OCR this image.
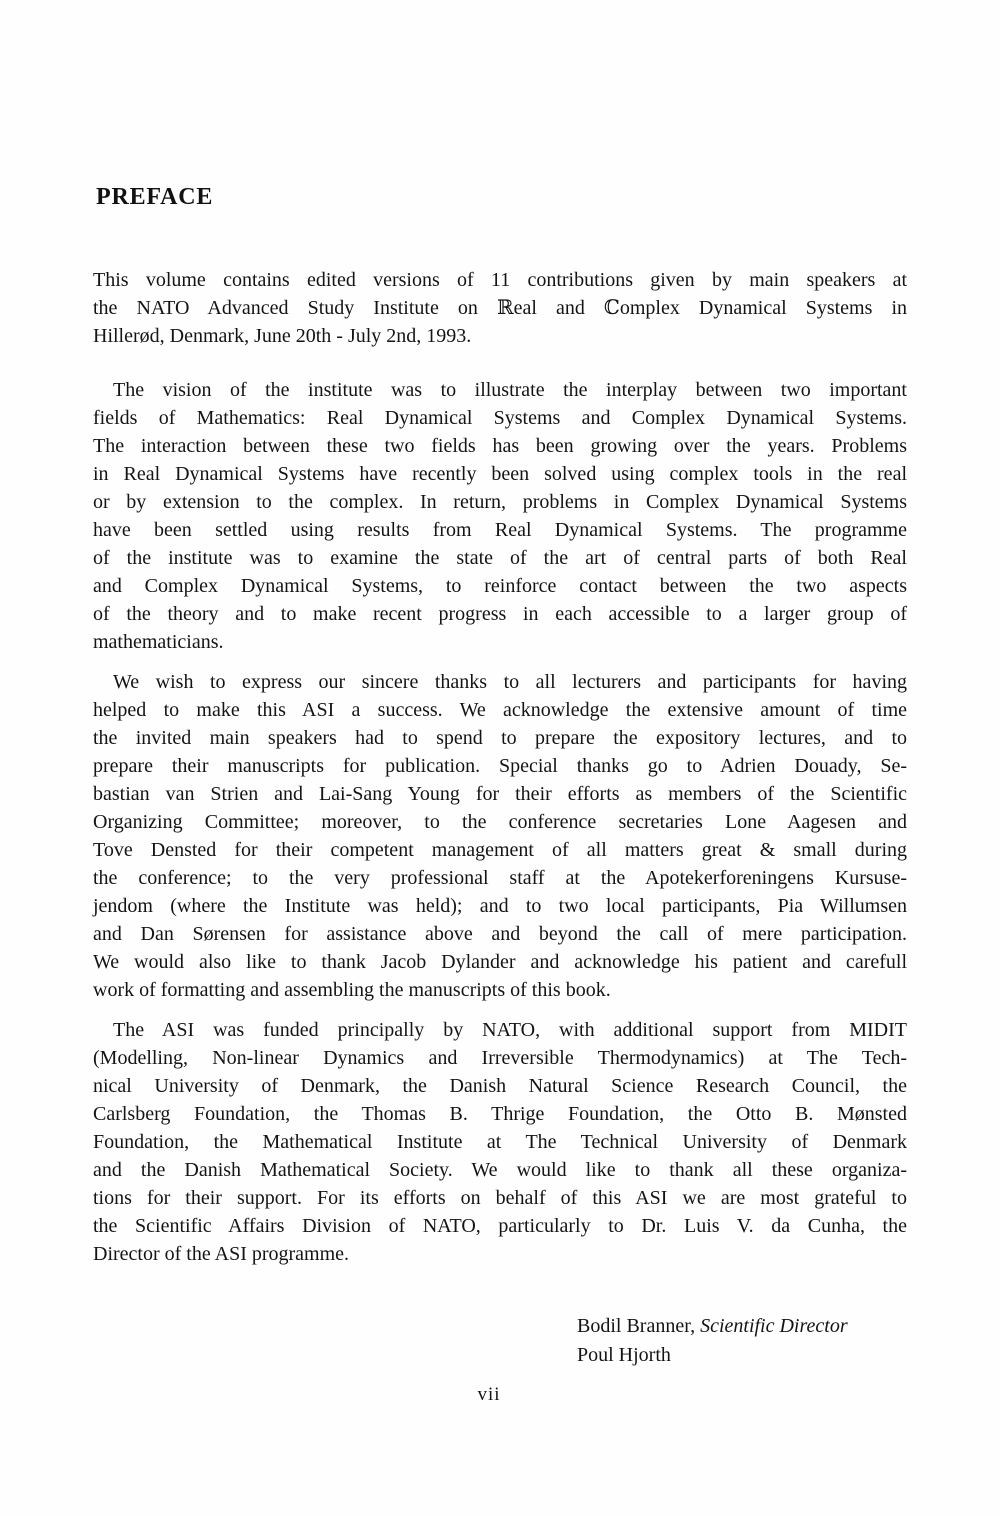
PREFACE
This volume contains edited versions of 11 contributions given by main speakers at
the NATO Advanced Study Institute on ℝeal and ℂomplex Dynamical Systems in
Hillerød, Denmark, June 20th - July 2nd, 1993.
The vision of the institute was to illustrate the interplay between two important
fields of Mathematics: Real Dynamical Systems and Complex Dynamical Systems.
The interaction between these two fields has been growing over the years. Problems
in Real Dynamical Systems have recently been solved using complex tools in the real
or by extension to the complex. In return, problems in Complex Dynamical Systems
have been settled using results from Real Dynamical Systems. The programme
of the institute was to examine the state of the art of central parts of both Real
and Complex Dynamical Systems, to reinforce contact between the two aspects
of the theory and to make recent progress in each accessible to a larger group of
mathematicians.
We wish to express our sincere thanks to all lecturers and participants for having
helped to make this ASI a success. We acknowledge the extensive amount of time
the invited main speakers had to spend to prepare the expository lectures, and to
prepare their manuscripts for publication. Special thanks go to Adrien Douady, Se-
bastian van Strien and Lai-Sang Young for their efforts as members of the Scientific
Organizing Committee; moreover, to the conference secretaries Lone Aagesen and
Tove Densted for their competent management of all matters great & small during
the conference; to the very professional staff at the Apotekerforeningens Kursuse-
jendom (where the Institute was held); and to two local participants, Pia Willumsen
and Dan Sørensen for assistance above and beyond the call of mere participation.
We would also like to thank Jacob Dylander and acknowledge his patient and carefull
work of formatting and assembling the manuscripts of this book.
The ASI was funded principally by NATO, with additional support from MIDIT
(Modelling, Non-linear Dynamics and Irreversible Thermodynamics) at The Tech-
nical University of Denmark, the Danish Natural Science Research Council, the
Carlsberg Foundation, the Thomas B. Thrige Foundation, the Otto B. Mønsted
Foundation, the Mathematical Institute at The Technical University of Denmark
and the Danish Mathematical Society. We would like to thank all these organiza-
tions for their support. For its efforts on behalf of this ASI we are most grateful to
the Scientific Affairs Division of NATO, particularly to Dr. Luis V. da Cunha, the
Director of the ASI programme.
Bodil Branner, Scientific Director
Poul Hjorth
vii
